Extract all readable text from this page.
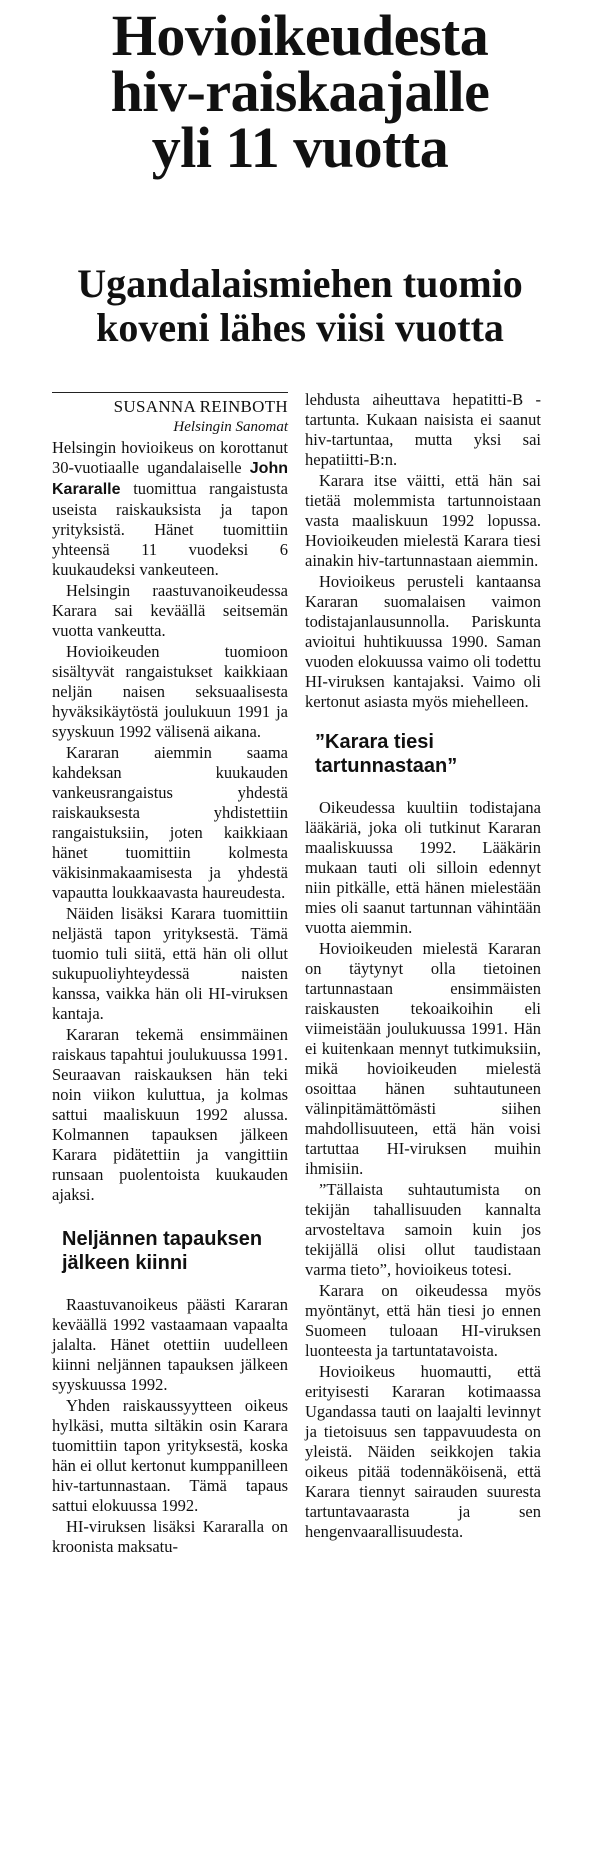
Hovioikeudesta
hiv-raiskaajalle
yli 11 vuotta
Ugandalaismiehen tuomio
koveni lähes viisi vuotta

SUSANNA REINBOTH

Helsingin Sanomat

Helsingin hovioikeus on korottanut 30-vuotiaalle ugandalaiselle John Kararalle tuomittua rangaistusta useista raiskauksista ja tapon yrityksistä. Hänet tuomittiin yhteensä 11 vuodeksi 6 kuukaudeksi vankeuteen.

Helsingin raastuvanoikeudessa Karara sai keväällä seitsemän vuotta vankeutta.

Hovioikeuden tuomioon sisältyvät rangaistukset kaikkiaan neljän naisen seksuaalisesta hyväksikäytöstä joulukuun 1991 ja syyskuun 1992 välisenä aikana.

Kararan aiemmin saama kahdeksan kuukauden vankeusrangaistus yhdestä raiskauksesta yhdistettiin rangaistuksiin, joten kaikkiaan hänet tuomittiin kolmesta väkisinmakaamisesta ja yhdestä vapautta loukkaavasta haureudesta.

Näiden lisäksi Karara tuomittiin neljästä tapon yrityksestä. Tämä tuomio tuli siitä, että hän oli ollut sukupuoliyhteydessä naisten kanssa, vaikka hän oli HI-viruksen kantaja.

Kararan tekemä ensimmäinen raiskaus tapahtui joulukuussa 1991. Seuraavan raiskauksen hän teki noin viikon kuluttua, ja kolmas sattui maaliskuun 1992 alussa. Kolmannen tapauksen jälkeen Karara pidätettiin ja vangittiin runsaan puolentoista kuukauden ajaksi.

Neljännen tapauksen
jälkeen kiinni

Raastuvanoikeus päästi Kararan keväällä 1992 vastaamaan vapaalta jalalta. Hänet otettiin uudelleen kiinni neljännen tapauksen jälkeen syyskuussa 1992.

Yhden raiskaussyytteen oikeus hylkäsi, mutta siltäkin osin Karara tuomittiin tapon yrityksestä, koska hän ei ollut kertonut kumppanilleen hiv-tartunnastaan. Tämä tapaus sattui elokuussa 1992.

HI-viruksen lisäksi Kararalla on kroonista maksatu-

lehdusta aiheuttava hepatitti-B -tartunta. Kukaan naisista ei saanut hiv-tartuntaa, mutta yksi sai hepatiitti-B:n.

Karara itse väitti, että hän sai tietää molemmista tartunnoistaan vasta maaliskuun 1992 lopussa. Hovioikeuden mielestä Karara tiesi ainakin hiv-tartunnastaan aiemmin.

Hovioikeus perusteli kantaansa Kararan suomalaisen vaimon todistajanlausunnolla. Pariskunta avioitui huhtikuussa 1990. Saman vuoden elokuussa vaimo oli todettu HI-viruksen kantajaksi. Vaimo oli kertonut asiasta myös miehelleen.

”Karara tiesi
tartunnastaan”

Oikeudessa kuultiin todistajana lääkäriä, joka oli tutkinut Kararan maaliskuussa 1992. Lääkärin mukaan tauti oli silloin edennyt niin pitkälle, että hänen mielestään mies oli saanut tartunnan vähintään vuotta aiemmin.

Hovioikeuden mielestä Kararan on täytynyt olla tietoinen tartunnastaan ensimmäisten raiskausten tekoaikoihin eli viimeistään joulukuussa 1991. Hän ei kuitenkaan mennyt tutkimuksiin, mikä hovioikeuden mielestä osoittaa hänen suhtautuneen välinpitämättömästi siihen mahdollisuuteen, että hän voisi tartuttaa HI-viruksen muihin ihmisiin.

”Tällaista suhtautumista on tekijän tahallisuuden kannalta arvosteltava samoin kuin jos tekijällä olisi ollut taudistaan varma tieto”, hovioikeus totesi.

Karara on oikeudessa myös myöntänyt, että hän tiesi jo ennen Suomeen tuloaan HI-viruksen luonteesta ja tartuntatavoista.

Hovioikeus huomautti, että erityisesti Kararan kotimaassa Ugandassa tauti on laajalti levinnyt ja tietoisuus sen tappavuudesta on yleistä. Näiden seikkojen takia oikeus pitää todennäköisenä, että Karara tiennyt sairauden suuresta tartuntavaarasta ja sen hengenvaarallisuudesta.
